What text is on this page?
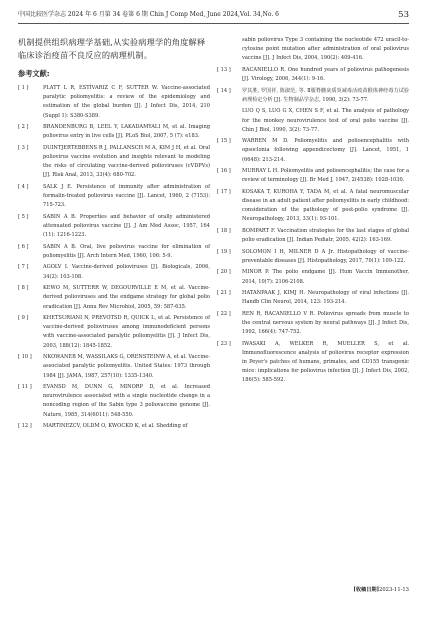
中国比较医学杂志 2024 年 6 月第 34 卷第 6 期 Chin J Comp Med, June 2024,Vol. 34,No. 6	53

机制提供组织病理学基础,从实验病理学的角度解释临床诊治疫苗不良反应的病理机制。

参考文献:
[ 1 ]	PLATT L R, ESTÍVARIZ C F, SUTTER W. Vaccine-associated paralytic poliomyelitis: a review of the epidemiology and estimation of the global burden [J]. J Infect Dis, 2014, 210 (Suppl 1): S380-S389.
[ 2 ]	BRANDENBURG B, LEEL Y, LAKADAMYALI M, et al. Imaging poliovirus entry in live cells [J]. PLoS Biol, 2007, 5 (7): e183.
[ 3 ]	DUINTJERTEBBENS R J, PALLANSCH M A, KIM J H, et al. Oral poliovirus vaccine evolution and insights relevant to modeling the risks of circulating vaccine-derived polioviruses (cVDPVs) [J]. Risk Anal, 2013, 33(4): 680-702.
[ 4 ]	SALK J E. Persistence of immunity after administration of formalin-treated poliovirus vaccine [J]. Lancet, 1960, 2 (7153): 715-723.
[ 5 ]	SABIN A B. Properties and behavior of orally administered attenuated poliovirus vaccine [J]. J Am Med Assoc, 1957, 164 (11): 1216-1223.
[ 6 ]	SABIN A B. Oral, live poliovirus vaccine for elimination of poliomyelitis [J]. Arch Intern Med, 1960, 106: 5-9.
[ 7 ]	AGOLV I. Vaccine-derived polioviruses [J]. Biologicals, 2006, 34(2): 103-108.
[ 8 ]	KEWO M, SUTTERR W, DEGOURVILLE E M, et al. Vaccine-derived polioviruses and the endgame strategy for global polio eradication [J]. Annu Rev Microbiol, 2005, 59: 587-635.
[ 9 ]	KHETSURIANI N, PREVOTSD R, QUICK L, et al. Persistence of vaccine-derived polioviruses among immunodeficient persons with vaccine-associated paralytic poliomyelitis [J]. J Infect Dis, 2003, 188(12): 1845-1852.
[ 10 ] NKOWANEB M, WASSILAKS G, ORENSTEINW A, et al. Vaccine-associated paralytic poliomyelitis. United States: 1973 through 1984 [J]. JAMA, 1987, 257(10): 1335-1340.
[ 11 ] EVANSD M, DUNN G, MINORP D, et al. Increased neurovirulence associated with a single nucleotide change in a noncoding region of the Sabin type 3 poliovaccine genome [J]. Nature, 1985, 314(6011): 548-550.
[ 12 ] MARTINEZCV, OLDM O, KWOCKD K, et al. Shedding of
sabin poliovirus Type 3 containing the nucleotide 472 uracil-to-cytosine point mutation after administration of oral poliovirus vaccine [J]. J Infect Dis, 2004, 190(2): 409-416.
[ 13 ] RACANIELLO R. One hundred years of poliovirus pathogenesis [J]. Virology, 2006, 344(1): 9-16.
[ 14 ] 罗其胜, 罗国祥, 陈淑范, 等. Ⅱ服脊髓灰质炎减毒活疫苗猴体神经毒力试验病理检定分析 [J]. 生物制品学杂志, 1990, 3(2): 73-77.
LUO Q S, LUO G X, CHEN S F, et al. The analysis of pathology for the monkey neurovirulence test of oral polio vaccine [J]. Chin J Biol, 1990, 3(2): 73-77.
[ 15 ] WARREN M D. Poliomyelitis and polioencephalitis with opsoclonia following appendicectomy [J]. Lancet, 1951, 1 (6648): 213-214.
[ 16 ] MURRAY L H. Poliomyelitis and polioencephalitis; the case for a review of terminology [J]. Br Med J, 1947, 2(4538): 1028-1030.
[ 17 ] KOSAKA T, KUROHA Y, TADA M, et al. A fatal neuromuscular disease in an adult patient after poliomyelitis in early childhood: consideration of the pathology of post-polio syndrome [J]. Neuropathology, 2013, 33(1): 93-101.
[ 18 ] BOMPART F. Vaccination strategies for the last stages of global polio eradication [J]. Indian Pediatr, 2005, 42(2): 163-169.
[ 19 ] SOLOMON I H, MILNER D A Jr. Histopathology of vaccine-preventable diseases [J]. Histopathology, 2017, 70(1): 109-122.
[ 20 ] MINOR P. The polio endgame [J]. Hum Vaccin Immunother, 2014, 10(7): 2106-2108.
[ 21 ] HATANPAAK J, KIMJ H. Neuropathology of viral infections [J]. Handb Clin Neurol, 2014, 123: 193-214.
[ 22 ] REN R, RACANIELLO V R. Poliovirus spreads from muscle to the central nervous system by neural pathways [J]. J Infect Dis, 1992, 166(4): 747-752.
[ 23 ] IWASAKI A, WELKER R, MUELLER S, et al. Immunofluorescence analysis of poliovirus receptor expression in Peyer's patches of humans, primates, and CD155 transgenic mice: implications for poliovirus infection [J]. J Infect Dis, 2002, 186(5): 585-592.
[收稿日期]2023-11-13
